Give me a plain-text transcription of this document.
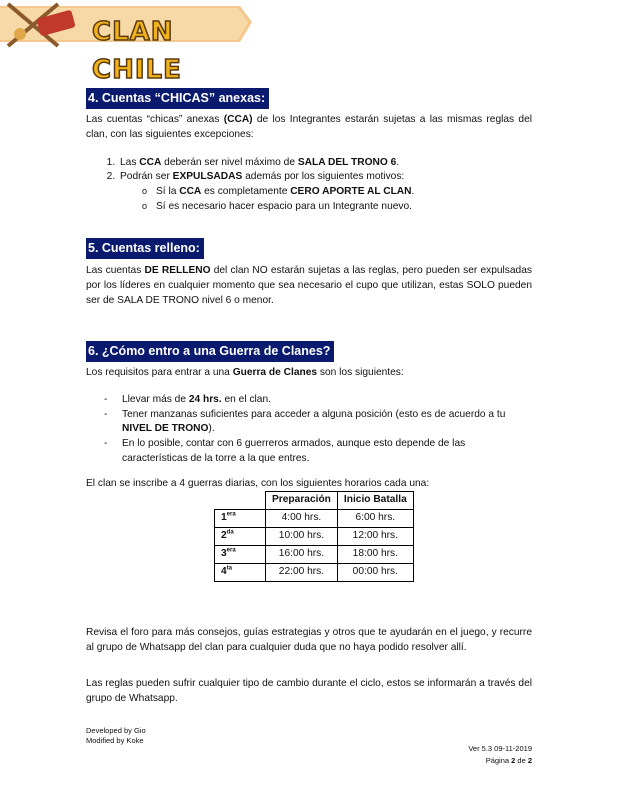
CLAN CHILE
4. Cuentas “CHICAS” anexas:

Las cuentas “chicas” anexas (CCA) de los Integrantes estarán sujetas a las mismas reglas del clan, con las siguientes excepciones:

1. Las CCA deberán ser nivel máximo de SALA DEL TRONO 6.
2. Podrán ser EXPULSADAS además por los siguientes motivos:
o Sí la CCA es completamente CERO APORTE AL CLAN.
o Sí es necesario hacer espacio para un Integrante nuevo.
5. Cuentas relleno:

Las cuentas DE RELLENO del clan NO estarán sujetas a las reglas, pero pueden ser expulsadas por los líderes en cualquier momento que sea necesario el cupo que utilizan, estas SOLO pueden ser de SALA DE TRONO nivel 6 o menor.

6. ¿Cómo entro a una Guerra de Clanes?

Los requisitos para entrar a una Guerra de Clanes son los siguientes:

- Llevar más de 24 hrs. en el clan.
- Tener manzanas suficientes para acceder a alguna posición (esto es de acuerdo a tu NIVEL DE TRONO).
- En lo posible, contar con 6 guerreros armados, aunque esto depende de las características de la torre a la que entres.

El clan se inscribe a 4 guerras diarias, con los siguientes horarios cada una:

	Preparación	Inicio Batalla
$1^{era}$	4:00 hrs.	6:00 hrs.
$2^{da}$	10:00 hrs.	12:00 hrs.
$3^{era}$	16:00 hrs.	18:00 hrs.
$4^{ta}$	22:00 hrs.	00:00 hrs.

Revisa el foro para más consejos, guías estrategias y otros que te ayudarán en el juego, y recurre al grupo de Whatsapp del clan para cualquier duda que no haya podido resolver allí.

Las reglas pueden sufrir cualquier tipo de cambio durante el ciclo, estos se informarán a través del grupo de Whatsapp.

Developed by Gio
Modified by Koke
Ver 5.3 09-11-2019
Página 2 de 2
